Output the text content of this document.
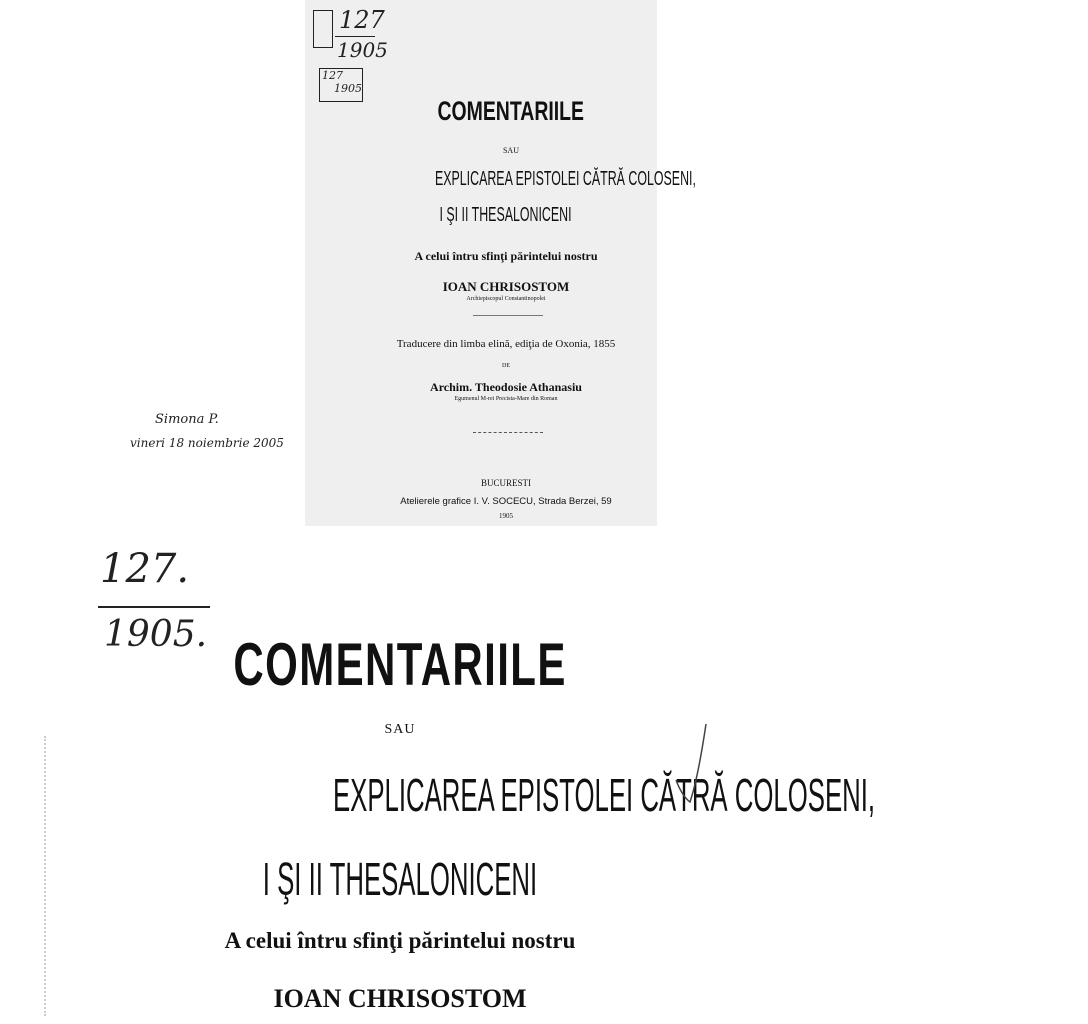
127
1905
127
1905
COMENTARIILE
SAU
EXPLICAREA EPISTOLEI CĂTRĂ COLOSENI,
I ŞI II THESALONICENI
A celui întru sfinţi părintelui nostru
IOAN CHRISOSTOM
Archiepiscopul Constantinopolei
Traducere din limba elină, ediţia de Oxonia, 1855
DE
Archim. Theodosie Athanasiu
Egumenul M-rei Precista-Mare din Roman
BUCURESTI
Atelierele grafice I. V. SOCECU, Strada Berzei, 59
1905
Simona P.
vineri 18 noiembrie 2005
127.
1905. COMENTARIILE
SAU
EXPLICAREA EPISTOLEI CĂTRĂ COLOSENI,
I ŞI II THESALONICENI
A celui întru sfinţi părintelui nostru
IOAN CHRISOSTOM
